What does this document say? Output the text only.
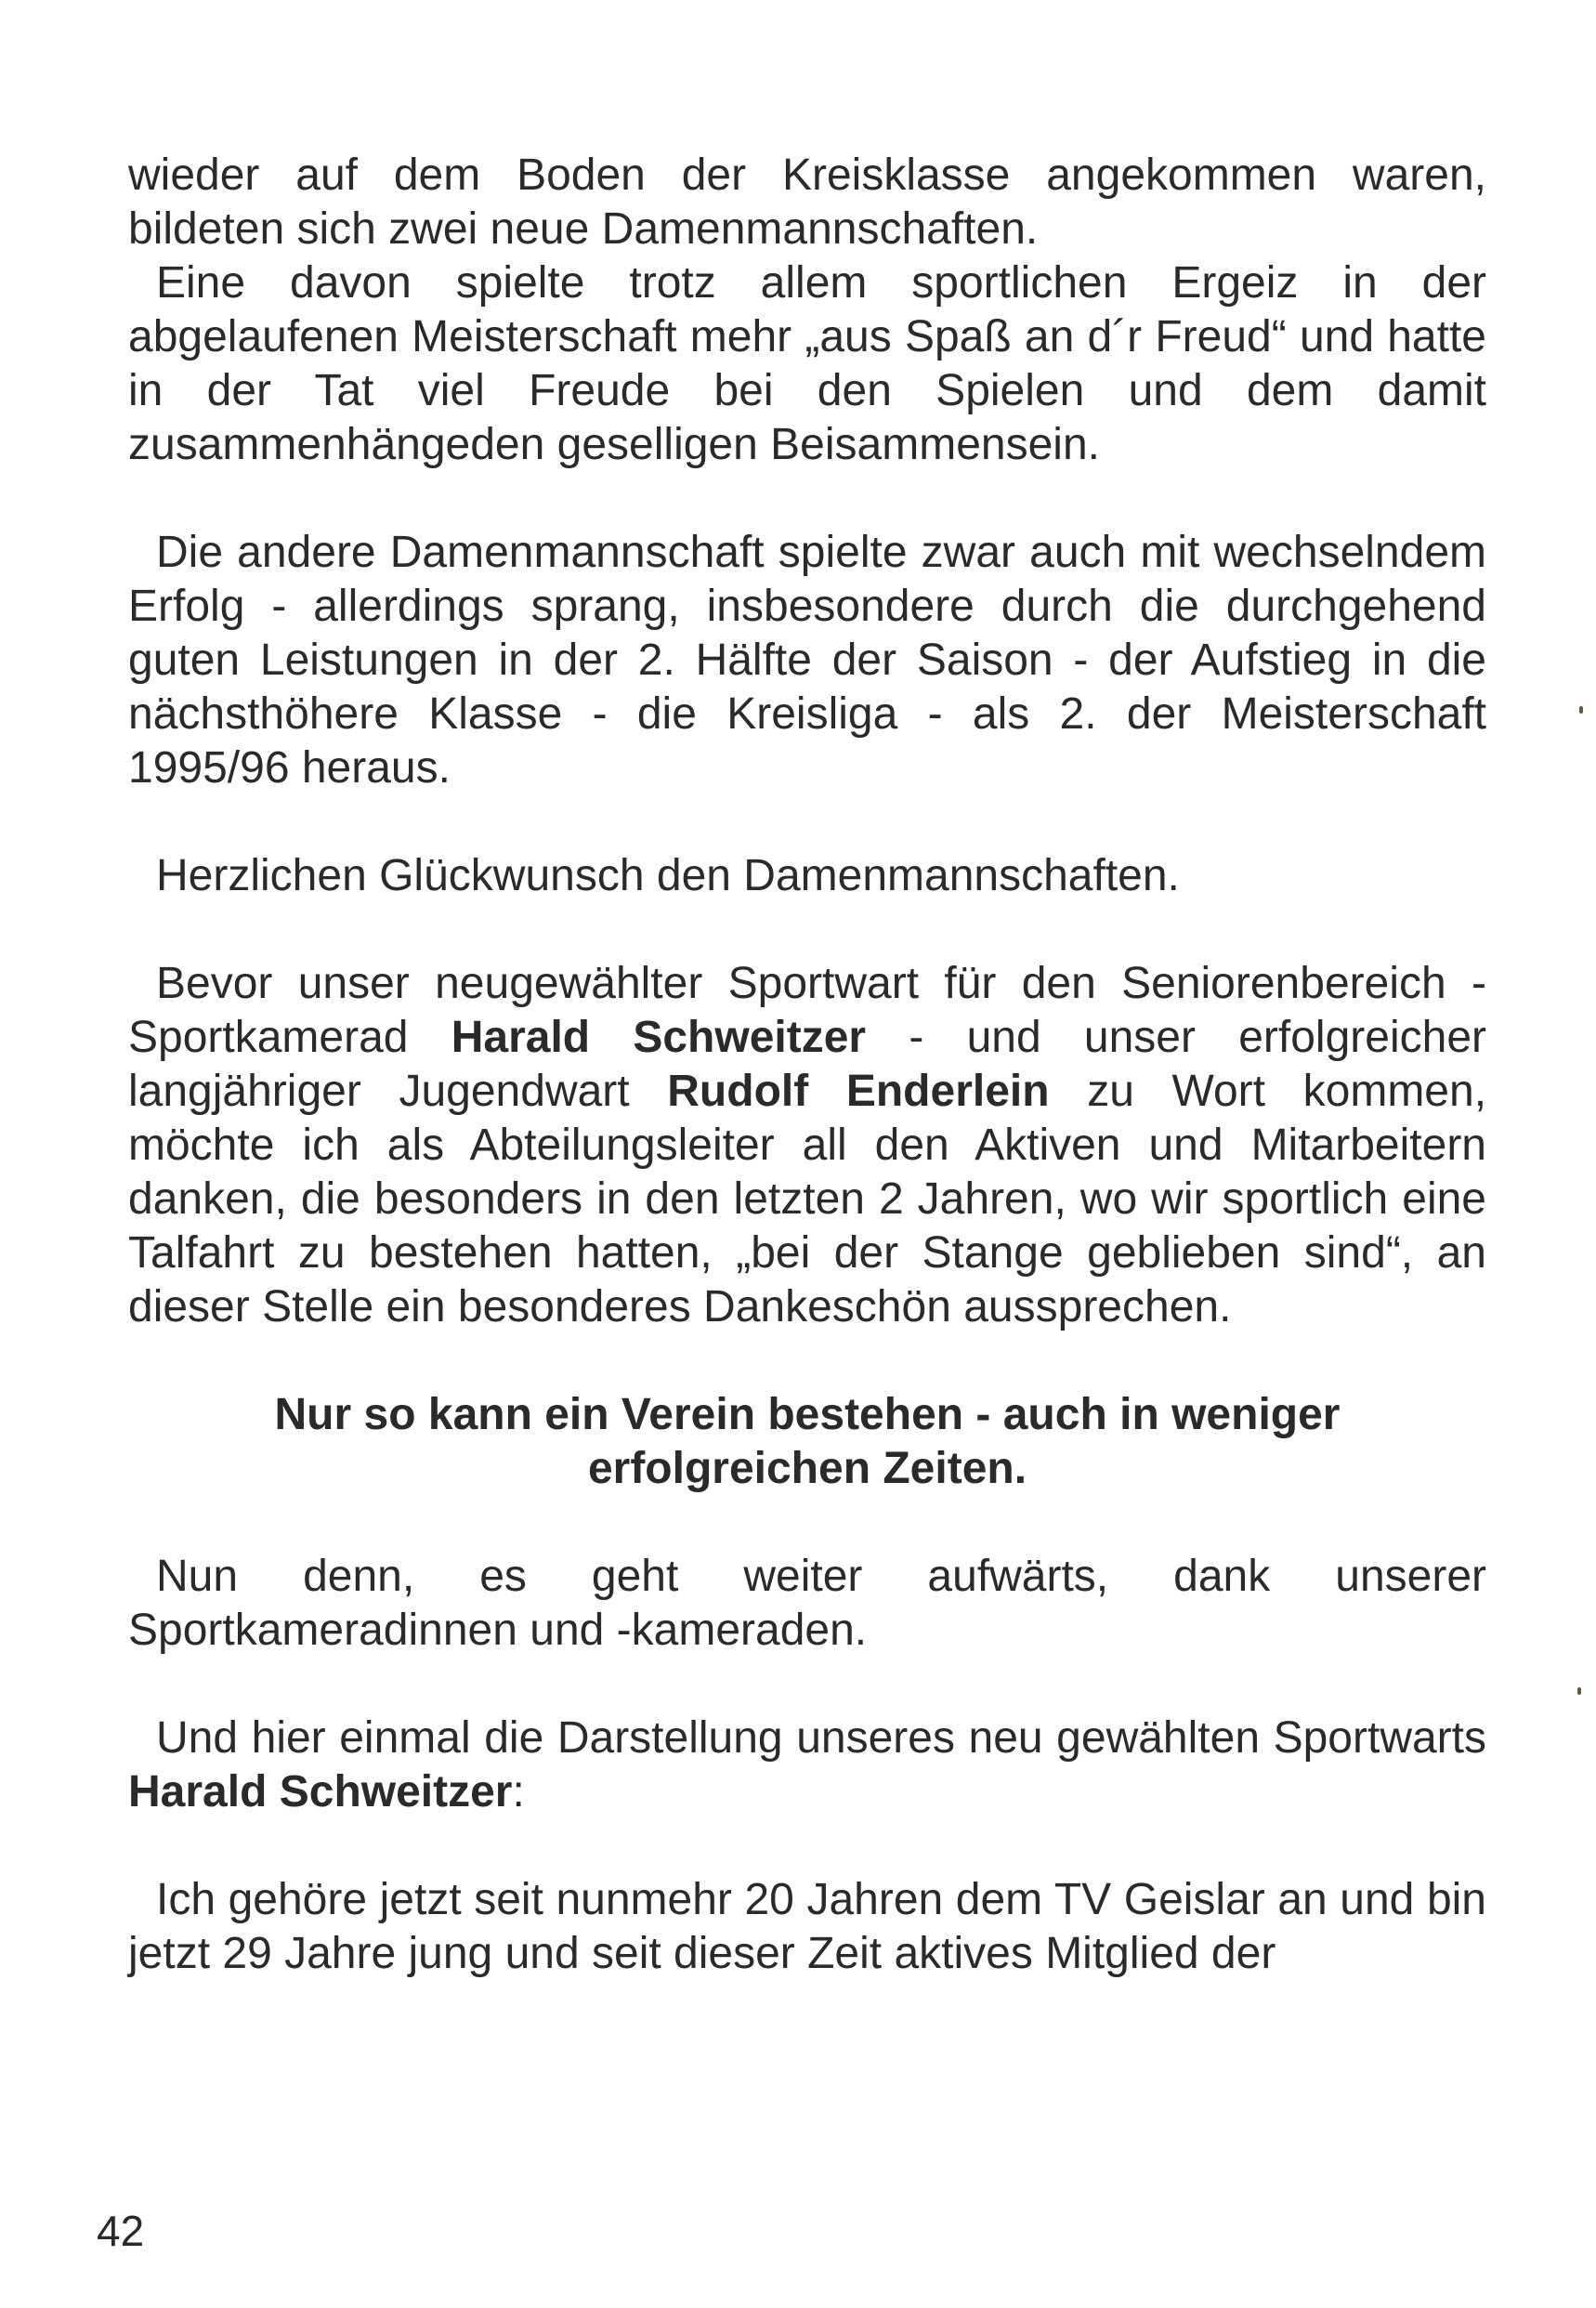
wieder auf dem Boden der Kreisklasse angekommen waren, bildeten sich zwei neue Damenmannschaften.

Eine davon spielte trotz allem sportlichen Ergeiz in der abgelaufenen Meisterschaft mehr „aus Spaß an d´r Freud“ und hatte in der Tat viel Freude bei den Spielen und dem damit zusammenhängeden geselligen Beisammensein.

Die andere Damenmannschaft spielte zwar auch mit wechselndem Erfolg - allerdings sprang, insbesondere durch die durchgehend guten Leistungen in der 2. Hälfte der Saison - der Aufstieg in die nächsthöhere Klasse - die Kreisliga - als 2. der Meisterschaft 1995/96 heraus.

Herzlichen Glückwunsch den Damenmannschaften.

Bevor unser neugewählter Sportwart für den Seniorenbereich - Sportkamerad Harald Schweitzer - und unser erfolgreicher langjähriger Jugendwart Rudolf Enderlein zu Wort kommen, möchte ich als Abteilungsleiter all den Aktiven und Mitarbeitern danken, die besonders in den letzten 2 Jahren, wo wir sportlich eine Talfahrt zu bestehen hatten, „bei der Stange geblieben sind“, an dieser Stelle ein besonderes Dankeschön aussprechen.

Nur so kann ein Verein bestehen - auch in weniger
erfolgreichen Zeiten.

Nun denn, es geht weiter aufwärts, dank unserer Sportkameradinnen und -kameraden.

Und hier einmal die Darstellung unseres neu gewählten Sportwarts Harald Schweitzer:

Ich gehöre jetzt seit nunmehr 20 Jahren dem TV Geislar an und bin jetzt 29 Jahre jung und seit dieser Zeit aktives Mitglied der

42
